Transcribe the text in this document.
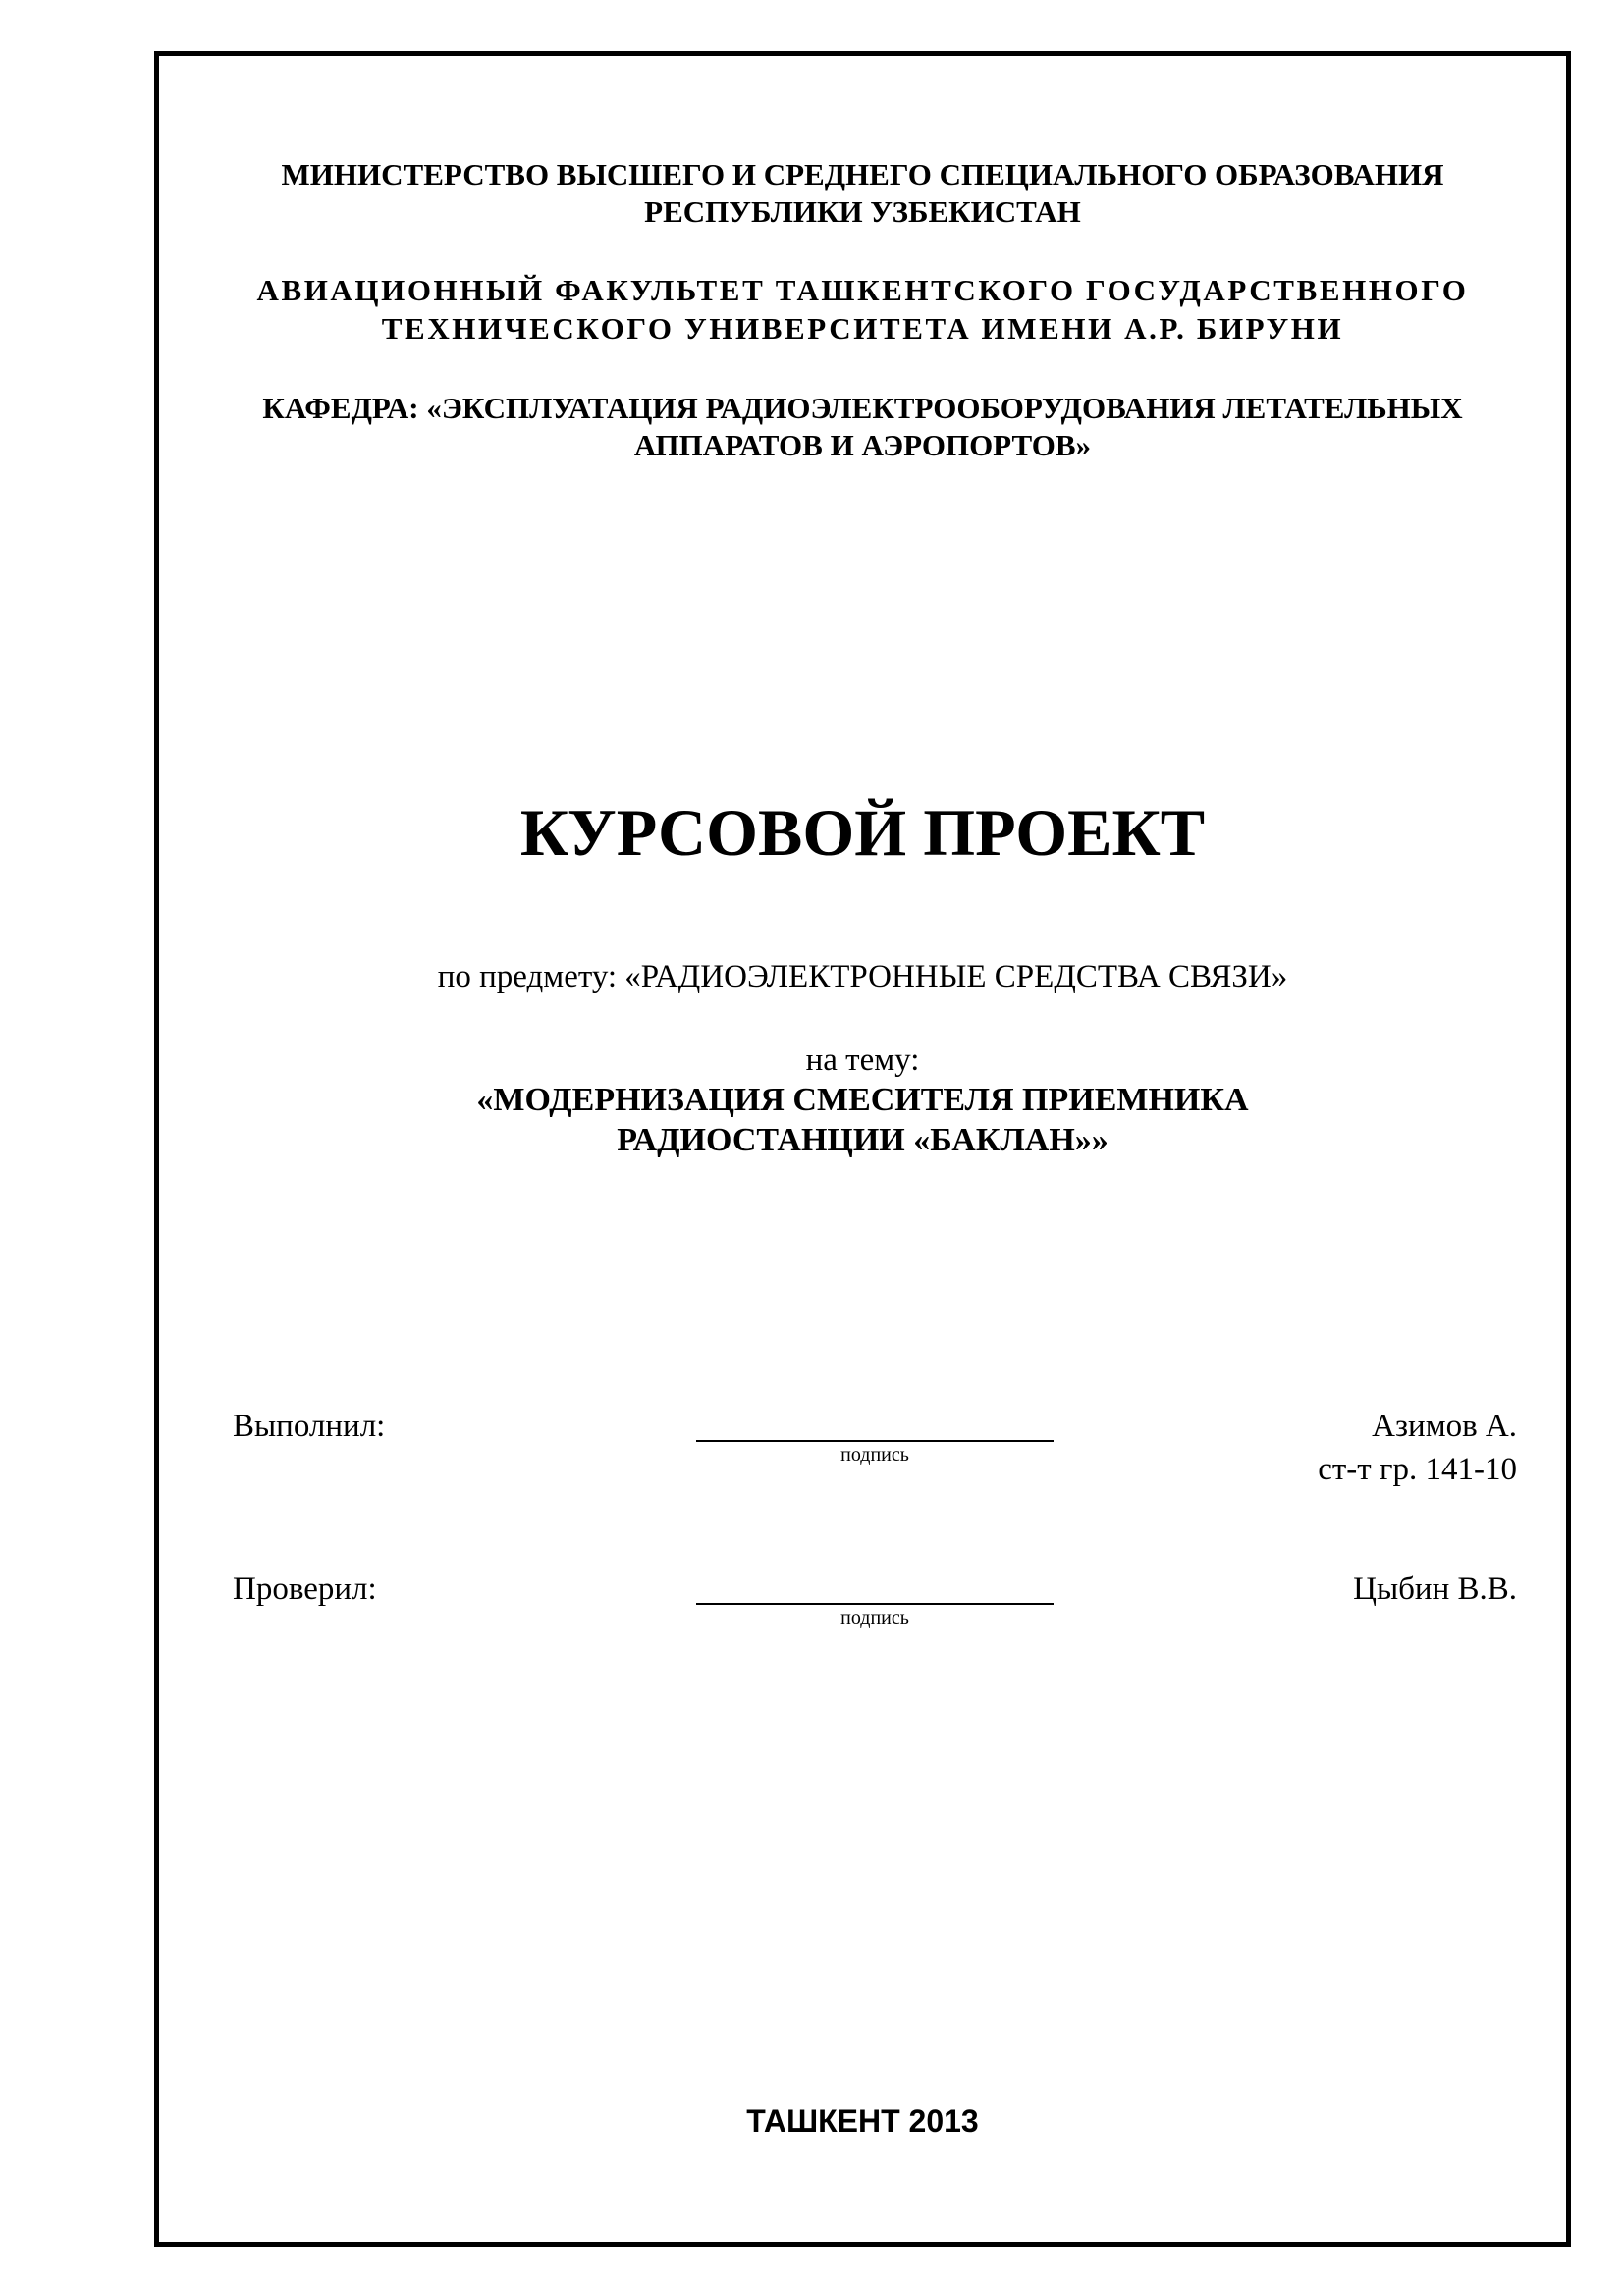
МИНИСТЕРСТВО ВЫСШЕГО И СРЕДНЕГО СПЕЦИАЛЬНОГО ОБРАЗОВАНИЯ
РЕСПУБЛИКИ УЗБЕКИСТАН
АВИАЦИОННЫЙ ФАКУЛЬТЕТ ТАШКЕНТСКОГО ГОСУДАРСТВЕННОГО
ТЕХНИЧЕСКОГО УНИВЕРСИТЕТА ИМЕНИ А.Р. БИРУНИ
КАФЕДРА: «ЭКСПЛУАТАЦИЯ РАДИОЭЛЕКТРООБОРУДОВАНИЯ ЛЕТАТЕЛЬНЫХ
АППАРАТОВ И АЭРОПОРТОВ»
КУРСОВОЙ ПРОЕКТ
по предмету: «РАДИОЭЛЕКТРОННЫЕ СРЕДСТВА СВЯЗИ»
на тему:
«МОДЕРНИЗАЦИЯ СМЕСИТЕЛЯ ПРИЕМНИКА
РАДИОСТАНЦИИ «БАКЛАН»»
Выполнил:
подпись
Азимов А.
ст-т гр. 141-10
Проверил:
подпись
Цыбин В.В.
ТАШКЕНТ 2013
